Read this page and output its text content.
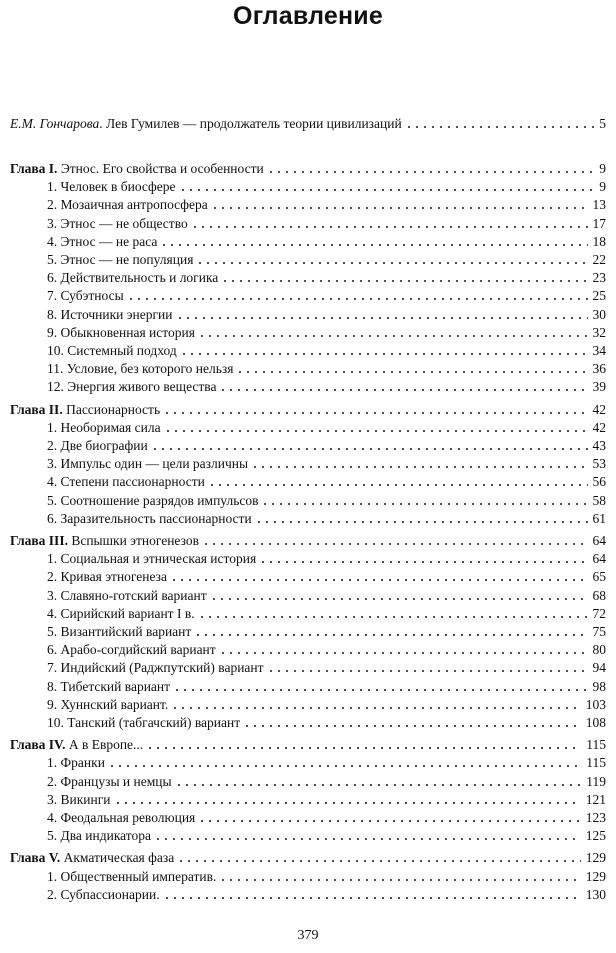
Оглавление
Е.М. Гончарова. Лев Гумилев — продолжатель теории цивилизаций	5
Глава I. Этнос. Его свойства и особенности	9
1. Человек в биосфере	9
2. Мозаичная антропосфера	13
3. Этнос — не общество	17
4. Этнос — не раса	18
5. Этнос — не популяция	22
6. Действительность и логика	23
7. Субэтносы	25
8. Источники энергии	30
9. Обыкновенная история	32
10. Системный подход	34
11. Условие, без которого нельзя	36
12. Энергия живого вещества	39
Глава II. Пассионарность	42
1. Необоримая сила	42
2. Две биографии	43
3. Импульс один — цели различны	53
4. Степени пассионарности	56
5. Соотношение разрядов импульсов	58
6. Заразительность пассионарности	61
Глава III. Вспышки этногенезов	64
1. Социальная и этническая история	64
2. Кривая этногенеза	65
3. Славяно-готский вариант	68
4. Сирийский вариант I в.	72
5. Византийский вариант	75
6. Арабо-согдийский вариант	80
7. Индийский (Раджпутский) вариант	94
8. Тибетский вариант	98
9. Хуннский вариант.	103
10. Танский (табгачский) вариант	108
Глава IV. А в Европе...	115
1. Франки	115
2. Французы и немцы	119
3. Викинги	121
4. Феодальная революция	123
5. Два индикатора	125
Глава V. Акматическая фаза	129
1. Общественный императив.	129
2. Субпассионарии.	130
379
